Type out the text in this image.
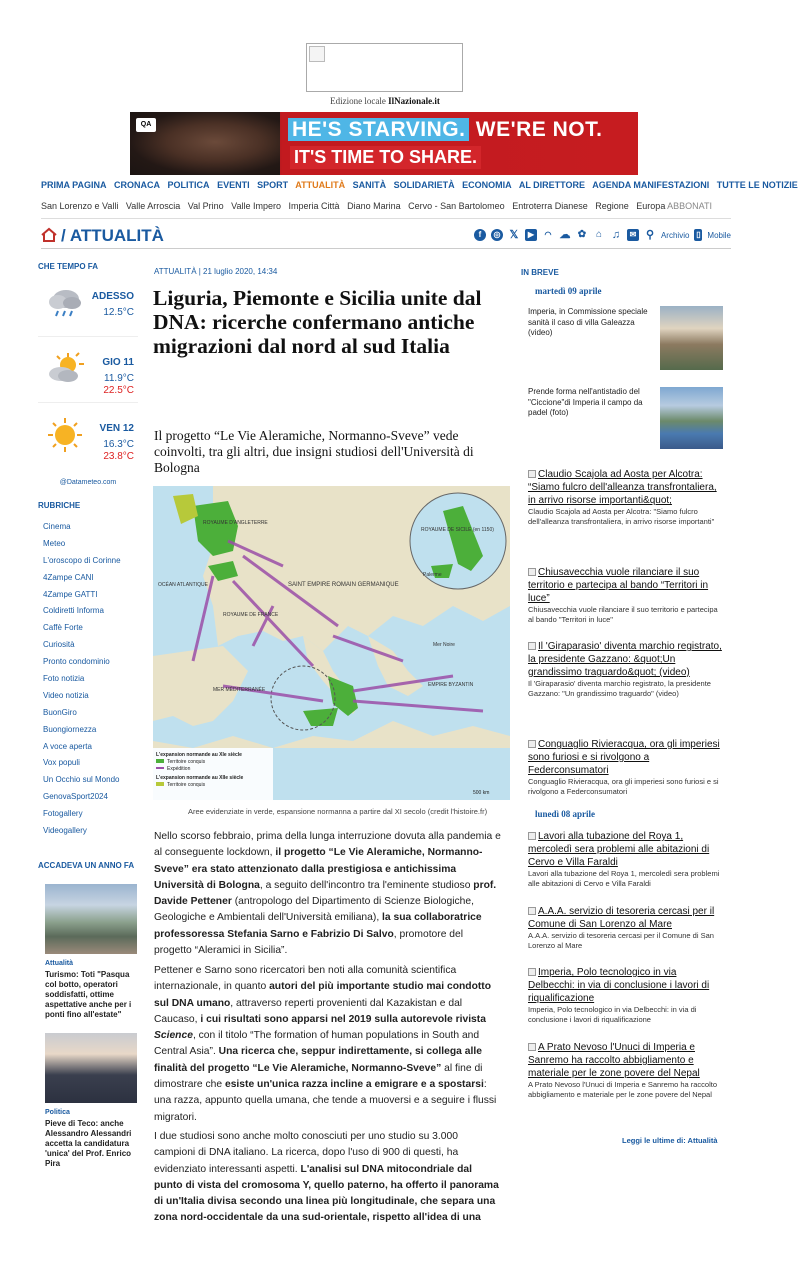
Edizione locale IlNazionale.it
QA	HE'S STARVING. WE'RE NOT.
IT'S TIME TO SHARE.
PRIMA PAGINA CRONACA POLITICA EVENTI SPORT ATTUALITÀ SANITÀ SOLIDARIETÀ ECONOMIA AL DIRETTORE AGENDA MANIFESTAZIONI TUTTE LE NOTIZIE
San Lorenzo e Valli Valle Arroscia Val Prino Valle Impero Imperia Città Diano Marina Cervo - San Bartolomeo Entroterra Dianese Regione Europa ABBONATI
/ ATTUALITÀ	f	◎ 𝕏	▶	◠ ☁ ✿ ⌂ ♫	✉ ⚲ Archivio ▯ Mobile
CHE TEMPO FA
ADESSO
12.5°C
GIO 11
11.9°C
22.5°C
VEN 12
16.3°C
23.8°C
@Datameteo.com
RUBRICHE
Cinema
Meteo
L'oroscopo di Corinne
4Zampe CANI
4Zampe GATTI
Coldiretti Informa
Caffè Forte
Curiosità
Pronto condominio
Foto notizia
Video notizia
BuonGiro
Buongiornezza
A voce aperta
Vox populi
Un Occhio sul Mondo
GenovaSport2024
Fotogallery
Videogallery
ACCADEVA UN ANNO FA
Attualità
Turismo: Toti "Pasqua col botto, operatori soddisfatti, ottime aspettative anche per i ponti fino all'estate"
Politica
Pieve di Teco: anche Alessandro Alessandri accetta la candidatura 'unica' del Prof. Enrico Pira
ATTUALITÀ | 21 luglio 2020, 14:34
Liguria, Piemonte e Sicilia unite dal DNA: ricerche confermano antiche migrazioni dal nord al sud Italia
Il progetto “Le Vie Aleramiche, Normanno-Sveve” vede coinvolti, tra gli altri, due insigni studiosi dell'Università di Bologna
ROYAUME D'ANGLETERRE
SAINT EMPIRE ROMAIN GERMANIQUE
ROYAUME DE FRANCE
OCÉAN ATLANTIQUE
MER MÉDITERRANÉE
ROYAUME DE SICILE (en 1150)
Palerme
Mer Noire
EMPIRE BYZANTIN
L'expansion normande au XIe siècle
Territoire conquis
Expédition
L'expansion normande au XIIe siècle
Territoire conquis
500 km
Aree evidenziate in verde, espansione normanna a partire dal XI secolo (credit l'histoire.fr)

Nello scorso febbraio, prima della lunga interruzione dovuta alla pandemia e al conseguente lockdown, il progetto “Le Vie Aleramiche, Normanno-Sveve” era stato attenzionato dalla prestigiosa e antichissima Università di Bologna, a seguito dell'incontro tra l'eminente studioso prof. Davide Pettener (antropologo del Dipartimento di Scienze Biologiche, Geologiche e Ambientali dell'Università emiliana), la sua collaboratrice professoressa Stefania Sarno e Fabrizio Di Salvo, promotore del progetto “Aleramici in Sicilia”.

Pettener e Sarno sono ricercatori ben noti alla comunità scientifica internazionale, in quanto autori del più importante studio mai condotto sul DNA umano, attraverso reperti provenienti dal Kazakistan e dal Caucaso, i cui risultati sono apparsi nel 2019 sulla autorevole rivista Science, con il titolo “The formation of human populations in South and Central Asia”. Una ricerca che, seppur indirettamente, si collega alle finalità del progetto “Le Vie Aleramiche, Normanno-Sveve” al fine di dimostrare che esiste un'unica razza incline a emigrare e a spostarsi: una razza, appunto quella umana, che tende a muoversi e a seguire i flussi migratori.

I due studiosi sono anche molto conosciuti per uno studio su 3.000 campioni di DNA italiano. La ricerca, dopo l'uso di 900 di questi, ha evidenziato interessanti aspetti. L'analisi sul DNA mitocondriale dal punto di vista del cromosoma Y, quello paterno, ha offerto il panorama di un'Italia divisa secondo una linea più longitudinale, che separa una zona nord-occidentale da una sud-orientale, rispetto all'idea di una

IN BREVE
martedì 09 aprile
Imperia, in Commissione speciale sanità il caso di villa Galeazza (video)
Prende forma nell'antistadio del "Ciccione"di Imperia il campo da padel (foto)
Claudio Scajola ad Aosta per Alcotra: “Siamo fulcro dell'alleanza transfrontaliera, in arrivo risorse importanti&quot;
Claudio Scajola ad Aosta per Alcotra: "Siamo fulcro dell'alleanza transfrontaliera, in arrivo risorse importanti"
Chiusavecchia vuole rilanciare il suo territorio e partecipa al bando “Territori in luce”
Chiusavecchia vuole rilanciare il suo territorio e partecipa al bando "Territori in luce"
Il 'Giraparasio' diventa marchio registrato, la presidente Gazzano: &quot;Un grandissimo traguardo&quot; (video)
Il 'Giraparasio' diventa marchio registrato, la presidente Gazzano: "Un grandissimo traguardo" (video)
Conguaglio Rivieracqua, ora gli imperiesi sono furiosi e si rivolgono a Federconsumatori
Conguaglio Rivieracqua, ora gli imperiesi sono furiosi e si rivolgono a Federconsumatori
lunedì 08 aprile
Lavori alla tubazione del Roya 1, mercoledì sera problemi alle abitazioni di Cervo e Villa Faraldi
Lavori alla tubazione del Roya 1, mercoledì sera problemi alle abitazioni di Cervo e Villa Faraldi
A.A.A. servizio di tesoreria cercasi per il Comune di San Lorenzo al Mare
A.A.A. servizio di tesoreria cercasi per il Comune di San Lorenzo al Mare
Imperia, Polo tecnologico in via Delbecchi: in via di conclusione i lavori di riqualificazione
Imperia, Polo tecnologico in via Delbecchi: in via di conclusione i lavori di riqualificazione
A Prato Nevoso l'Unuci di Imperia e Sanremo ha raccolto abbigliamento e materiale per le zone povere del Nepal
A Prato Nevoso l'Unuci di Imperia e Sanremo ha raccolto abbigliamento e materiale per le zone povere del Nepal
Leggi le ultime di: Attualità
